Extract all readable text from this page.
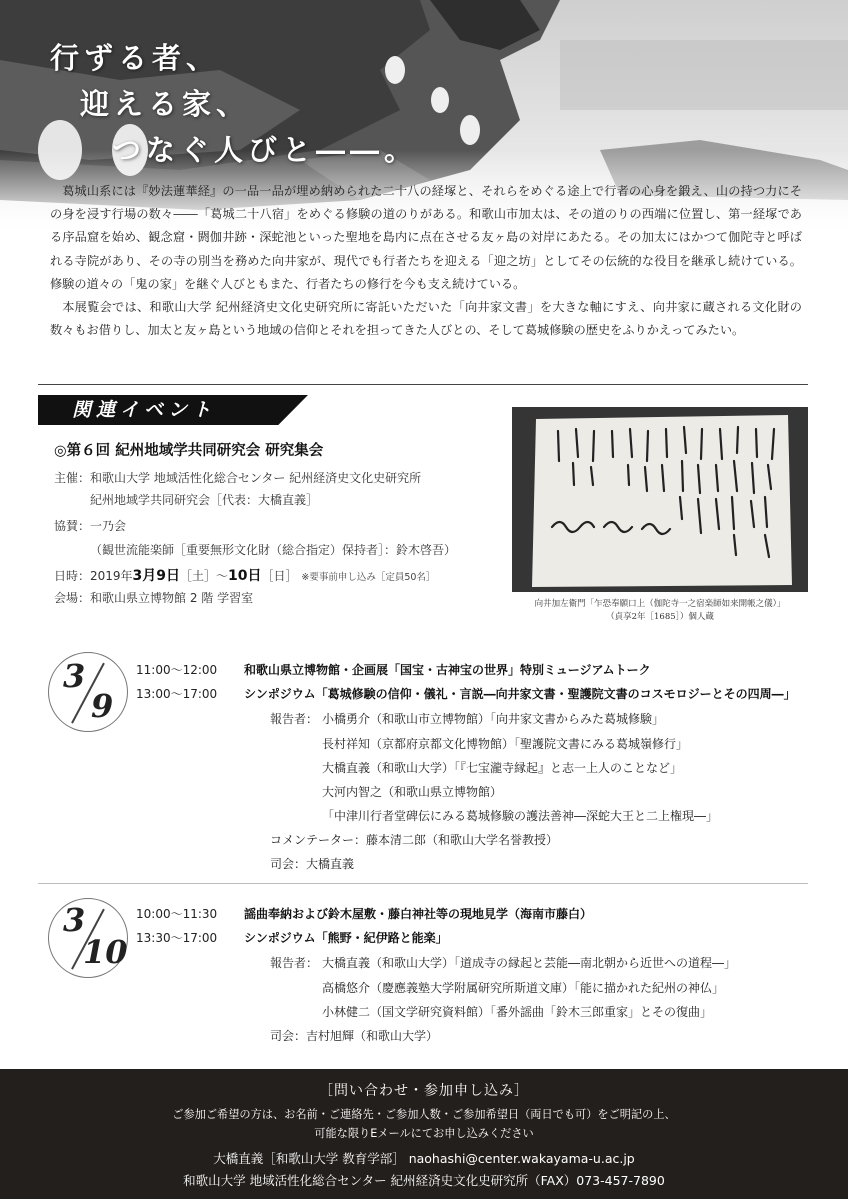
行ずる者、
迎える家、
つなぐ人びと――。

葛城山系には『妙法蓮華経』の一品一品が埋め納められた二十八の経塚と、それらをめぐる途上で行者の心身を鍛え、山の持つ力にその身を浸す行場の数々――「葛城二十八宿」をめぐる修験の道のりがある。和歌山市加太は、その道のりの西端に位置し、第一経塚である序品窟を始め、観念窟・閼伽井跡・深蛇池といった聖地を島内に点在させる友ヶ島の対岸にあたる。その加太にはかつて伽陀寺と呼ばれる寺院があり、その寺の別当を務めた向井家が、現代でも行者たちを迎える「迎之坊」としてその伝統的な役目を継承し続けている。修験の道々の「鬼の家」を継ぐ人びともまた、行者たちの修行を今も支え続けている。

本展覧会では、和歌山大学 紀州経済史文化史研究所に寄託いただいた「向井家文書」を大きな軸にすえ、向井家に蔵される文化財の数々もお借りし、加太と友ヶ島という地域の信仰とそれを担ってきた人びとの、そして葛城修験の歴史をふりかえってみたい。

関連イベント
◎第６回 紀州地域学共同研究会 研究集会
主催：和歌山大学 地域活性化総合センター 紀州経済史文化史研究所
紀州地域学共同研究会［代表：大橋直義］
協賛：一乃会
（観世流能楽師［重要無形文化財（総合指定）保持者］：鈴木啓吾）
日時：2019年3月9日［土］～10日［日］ ※要事前申し込み［定員50名］
会場：和歌山県立博物館 2 階 学習室	向井加左衛門「乍恐奉願口上（伽陀寺一之宿楽師如来開帳之儀）」
（貞享2年［1685］）個人蔵
3
9
11:00～12:00 和歌山県立博物館・企画展「国宝・古神宝の世界」特別ミュージアムトーク
13:00～17:00 シンポジウム「葛城修験の信仰・儀礼・言説―向井家文書・聖護院文書のコスモロジーとその四周―」
報告者： 小橋勇介（和歌山市立博物館）「向井家文書からみた葛城修験」
長村祥知（京都府京都文化博物館）「聖護院文書にみる葛城嶺修行」
大橋直義（和歌山大学）「『七宝瀧寺縁起』と志一上人のことなど」
大河内智之（和歌山県立博物館）
「中津川行者堂碑伝にみる葛城修験の護法善神―深蛇大王と二上権現―」
コメンテーター：藤本清二郎（和歌山大学名誉教授）
司会：大橋直義
3
10
10:00～11:30 謡曲奉納および鈴木屋敷・藤白神社等の現地見学（海南市藤白）
13:30～17:00 シンポジウム「熊野・紀伊路と能楽」
報告者： 大橋直義（和歌山大学）「道成寺の縁起と芸能―南北朝から近世への道程―」
高橋悠介（慶應義塾大学附属研究所斯道文庫）「能に描かれた紀州の神仏」
小林健二（国文学研究資料館）「番外謡曲「鈴木三郎重家」とその復曲」
司会：吉村旭輝（和歌山大学）
［問い合わせ・参加申し込み］
ご参加ご希望の方は、お名前・ご連絡先・ご参加人数・ご参加希望日（両日でも可）をご明記の上、
可能な限りEメールにてお申し込みください
大橋直義［和歌山大学 教育学部］ naohashi@center.wakayama-u.ac.jp
和歌山大学 地域活性化総合センター 紀州経済史文化史研究所（FAX）073-457-7890
